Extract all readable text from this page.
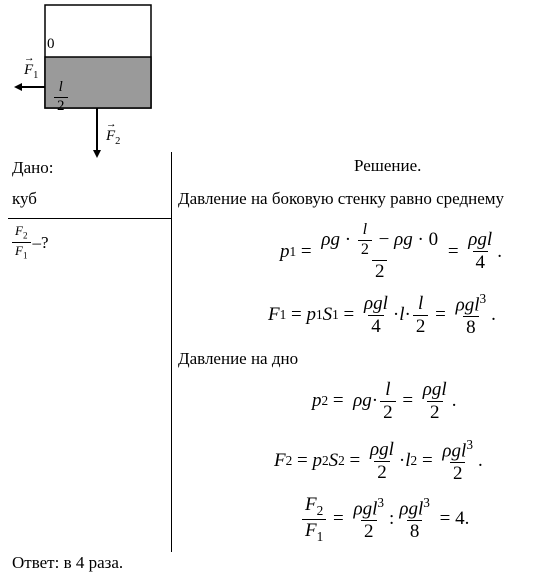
0
→ $F_1$
$\frac{l}{2}$
→ $F_2$
Дано:
куб
$\frac{F_2}{F_1}$ –?
Решение.
Давление на боковую стенку равно среднему
p $1 = \frac{\rho g \cdot \frac{l}{2} - \rho g \cdot 0}{2} = \frac{\text{ρgl}}{4}$ .
F 1 = p 1 S $1 = \frac{\text{ρgl}}{4} \cdot l \cdot \frac{l}{2} = \frac{\rho gl^3}{8}$ .
Давление на дно
p $2 = \rho g \cdot \frac{l}{2} = \frac{\text{ρgl}}{2}$ .
F 2 = p 2 S $2 = \frac{\text{ρgl}}{2} \cdot l$ $2 = \frac{\rho gl^3}{2}$ .
$\frac{F_2}{F_1} = \frac{\rho gl^3}{2}$ : $\frac{\rho gl^3}{8} = 4$.
Ответ: в 4 раза.
